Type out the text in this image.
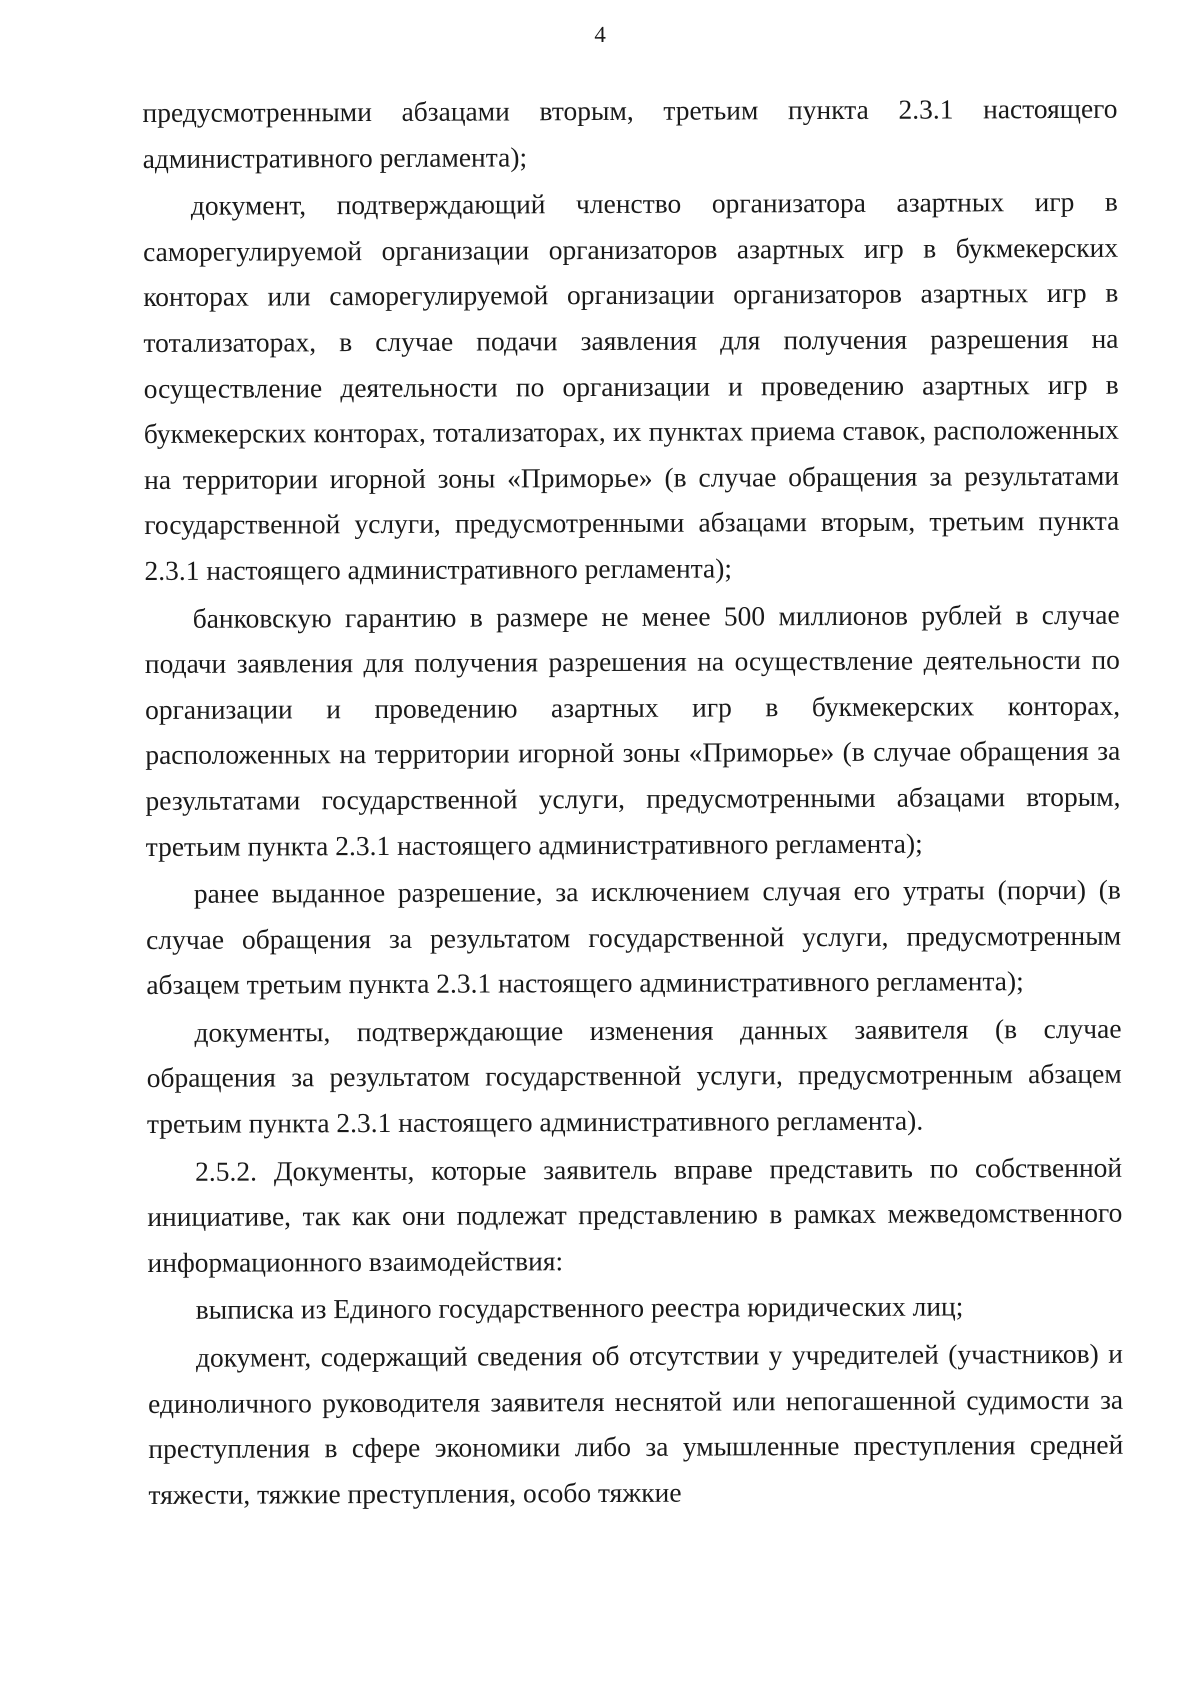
4

предусмотренными абзацами вторым, третьим пункта 2.3.1 настоящего административного регламента);

документ, подтверждающий членство организатора азартных игр в саморегулируемой организации организаторов азартных игр в букмекерских конторах или саморегулируемой организации организаторов азартных игр в тотализаторах, в случае подачи заявления для получения разрешения на осуществление деятельности по организации и проведению азартных игр в букмекерских конторах, тотализаторах, их пунктах приема ставок, расположенных на территории игорной зоны «Приморье» (в случае обращения за результатами государственной услуги, предусмотренными абзацами вторым, третьим пункта 2.3.1 настоящего административного регламента);

банковскую гарантию в размере не менее 500 миллионов рублей в случае подачи заявления для получения разрешения на осуществление деятельности по организации и проведению азартных игр в букмекерских конторах, расположенных на территории игорной зоны «Приморье» (в случае обращения за результатами государственной услуги, предусмотренными абзацами вторым, третьим пункта 2.3.1 настоящего административного регламента);

ранее выданное разрешение, за исключением случая его утраты (порчи) (в случае обращения за результатом государственной услуги, предусмотренным абзацем третьим пункта 2.3.1 настоящего административного регламента);

документы, подтверждающие изменения данных заявителя (в случае обращения за результатом государственной услуги, предусмотренным абзацем третьим пункта 2.3.1 настоящего административного регламента).

2.5.2. Документы, которые заявитель вправе представить по собственной инициативе, так как они подлежат представлению в рамках межведомственного информационного взаимодействия:

выписка из Единого государственного реестра юридических лиц;

документ, содержащий сведения об отсутствии у учредителей (участников) и единоличного руководителя заявителя неснятой или непогашенной судимости за преступления в сфере экономики либо за умышленные преступления средней тяжести, тяжкие преступления, особо тяжкие
